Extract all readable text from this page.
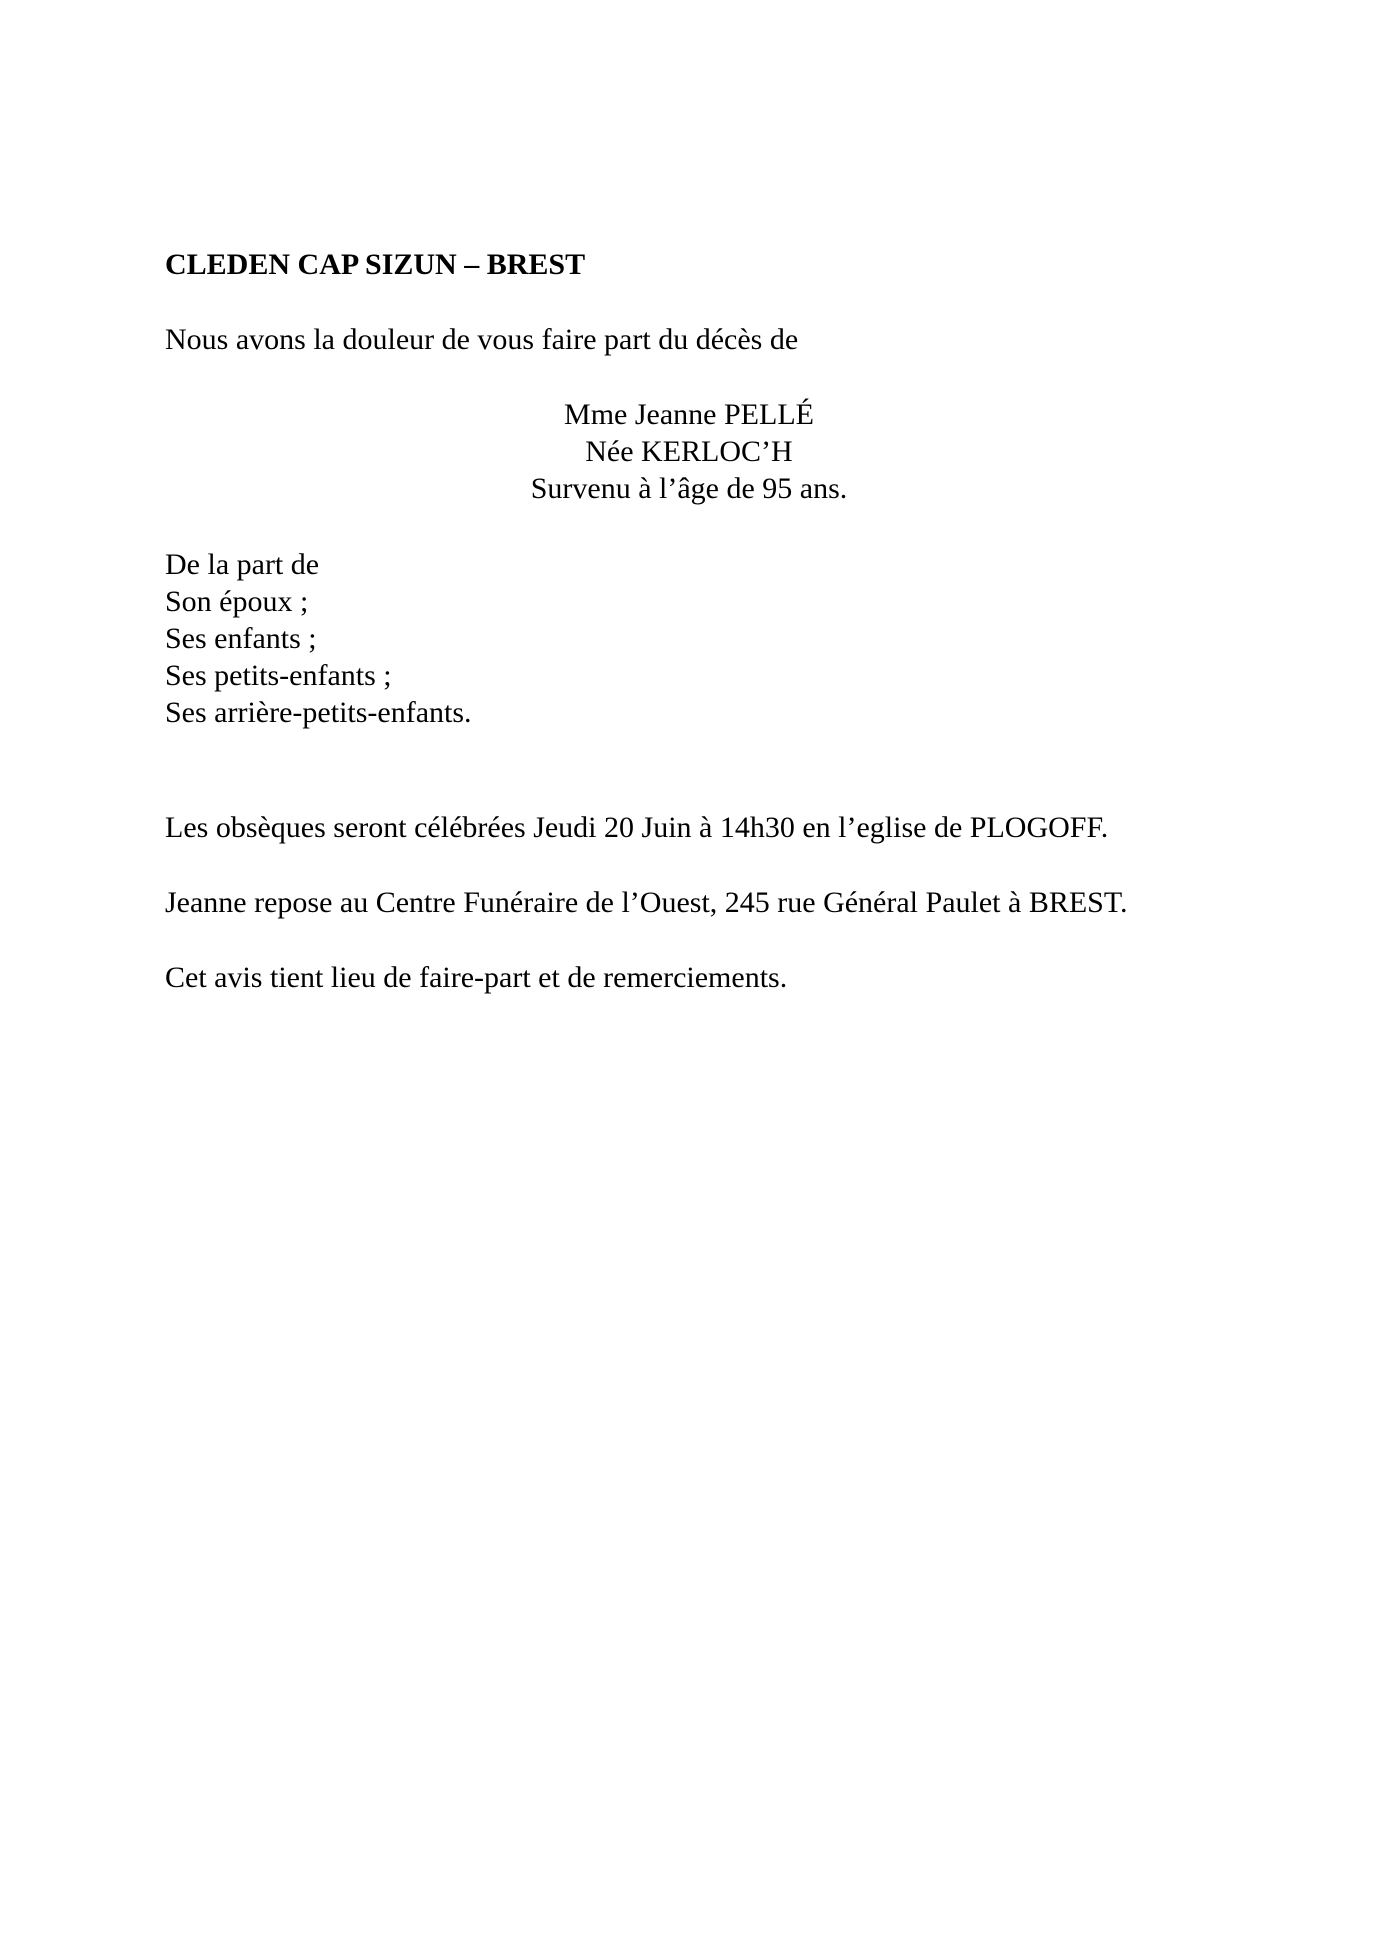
CLEDEN CAP SIZUN – BREST

Nous avons la douleur de vous faire part du décès de

Mme Jeanne PELLÉ
Née KERLOC’H
Survenu à l’âge de 95 ans.
De la part de
Son époux ;
Ses enfants ;
Ses petits-enfants ;
Ses arrière-petits-enfants.

Les obsèques seront célébrées Jeudi 20 Juin à 14h30 en l’eglise de PLOGOFF.

Jeanne repose au Centre Funéraire de l’Ouest, 245 rue Général Paulet à BREST.

Cet avis tient lieu de faire-part et de remerciements.
